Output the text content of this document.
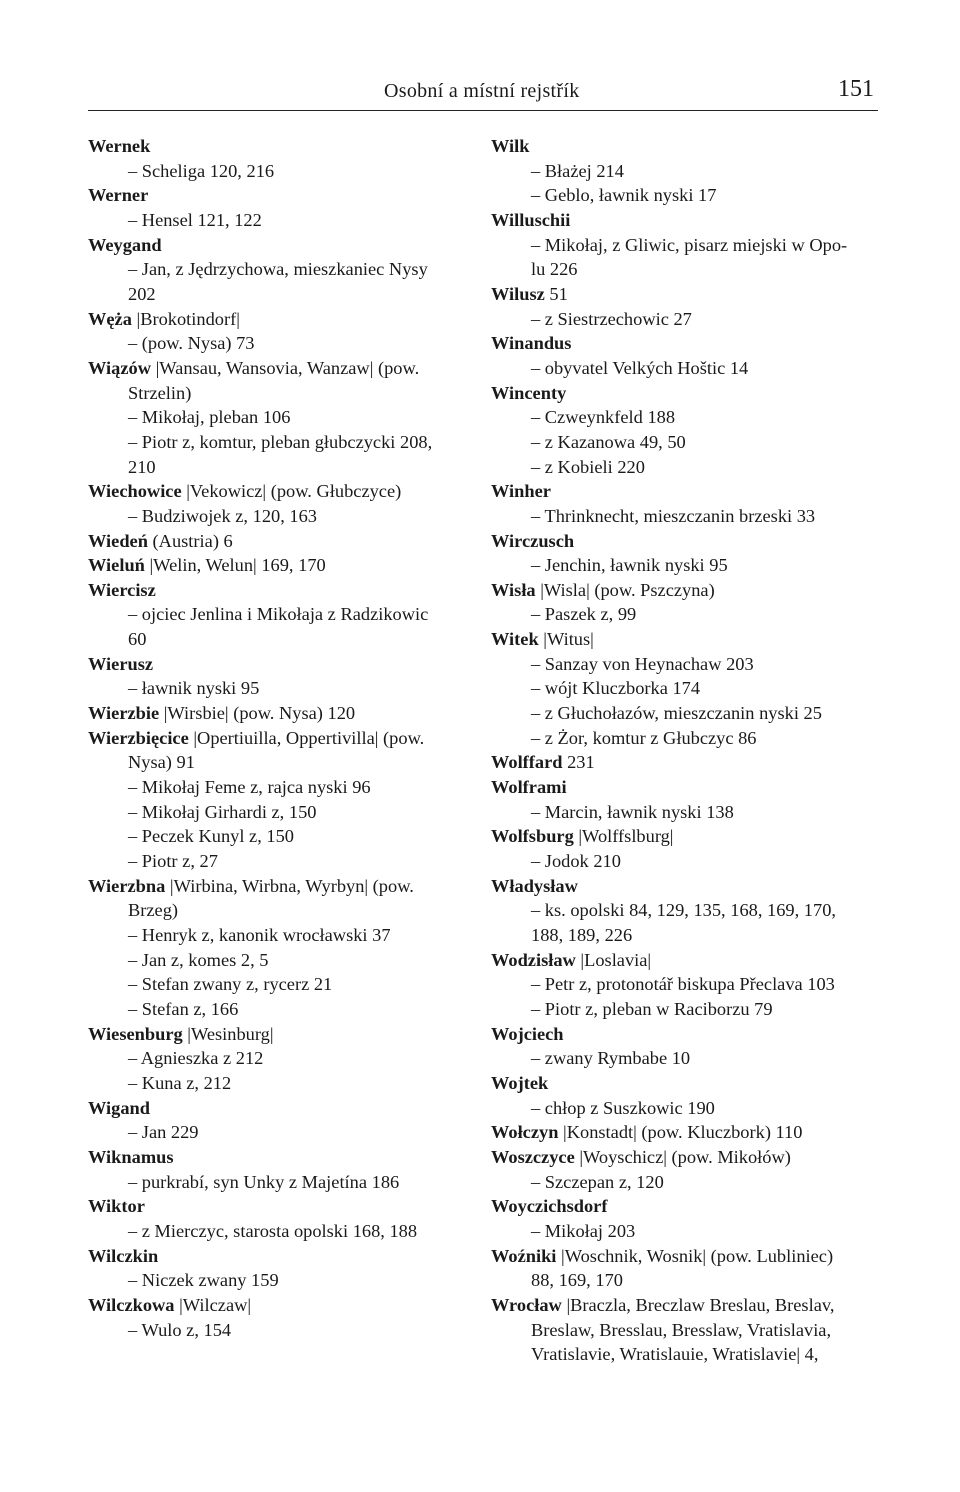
Osobní a místní rejstřík	151

Wernek

– Scheliga 120, 216

Werner

– Hensel 121, 122

Weygand

– Jan, z Jędrzychowa, mieszkaniec Nysy

202

Węża |Brokotindorf|

– (pow. Nysa) 73

Wiązów |Wansau, Wansovia, Wanzaw| (pow.

Strzelin)

– Mikołaj, pleban 106

– Piotr z, komtur, pleban głubczycki 208,

210

Wiechowice |Vekowicz| (pow. Głubczyce)

– Budziwojek z, 120, 163

Wiedeń (Austria) 6

Wieluń |Welin, Welun| 169, 170

Wiercisz

– ojciec Jenlina i Mikołaja z Radzikowic

60

Wierusz

– ławnik nyski 95

Wierzbie |Wirsbie| (pow. Nysa) 120

Wierzbięcice |Opertiuilla, Oppertivilla| (pow.

Nysa) 91

– Mikołaj Feme z, rajca nyski 96

– Mikołaj Girhardi z, 150

– Peczek Kunyl z, 150

– Piotr z, 27

Wierzbna |Wirbina, Wirbna, Wyrbyn| (pow.

Brzeg)

– Henryk z, kanonik wrocławski 37

– Jan z, komes 2, 5

– Stefan zwany z, rycerz 21

– Stefan z, 166

Wiesenburg |Wesinburg|

– Agnieszka z 212

– Kuna z, 212

Wigand

– Jan 229

Wiknamus

– purkrabí, syn Unky z Majetína 186

Wiktor

– z Mierczyc, starosta opolski 168, 188

Wilczkin

– Niczek zwany 159

Wilczkowa |Wilczaw|

– Wulo z, 154

Wilk

– Błażej 214

– Geblo, ławnik nyski 17

Willuschii

– Mikołaj, z Gliwic, pisarz miejski w Opo-

lu 226

Wilusz 51

– z Siestrzechowic 27

Winandus

– obyvatel Velkých Hoštic 14

Wincenty

– Czweynkfeld 188

– z Kazanowa 49, 50

– z Kobieli 220

Winher

– Thrinknecht, mieszczanin brzeski 33

Wirczusch

– Jenchin, ławnik nyski 95

Wisła |Wisla| (pow. Pszczyna)

– Paszek z, 99

Witek |Witus|

– Sanzay von Heynachaw 203

– wójt Kluczborka 174

– z Głuchołazów, mieszczanin nyski 25

– z Żor, komtur z Głubczyc 86

Wolffard 231

Wolframi

– Marcin, ławnik nyski 138

Wolfsburg |Wolffslburg|

– Jodok 210

Władysław

– ks. opolski 84, 129, 135, 168, 169, 170,

188, 189, 226

Wodzisław |Loslavia|

– Petr z, protonotář biskupa Přeclava 103

– Piotr z, pleban w Raciborzu 79

Wojciech

– zwany Rymbabe 10

Wojtek

– chłop z Suszkowic 190

Wołczyn |Konstadt| (pow. Kluczbork) 110

Woszczyce |Woyschicz| (pow. Mikołów)

– Szczepan z, 120

Woyczichsdorf

– Mikołaj 203

Woźniki |Woschnik, Wosnik| (pow. Lubliniec)

88, 169, 170

Wrocław |Braczla, Breczlaw Breslau, Breslav,

Breslaw, Bresslau, Bresslaw, Vratislavia,

Vratislavie, Wratislauie, Wratislavie| 4,
